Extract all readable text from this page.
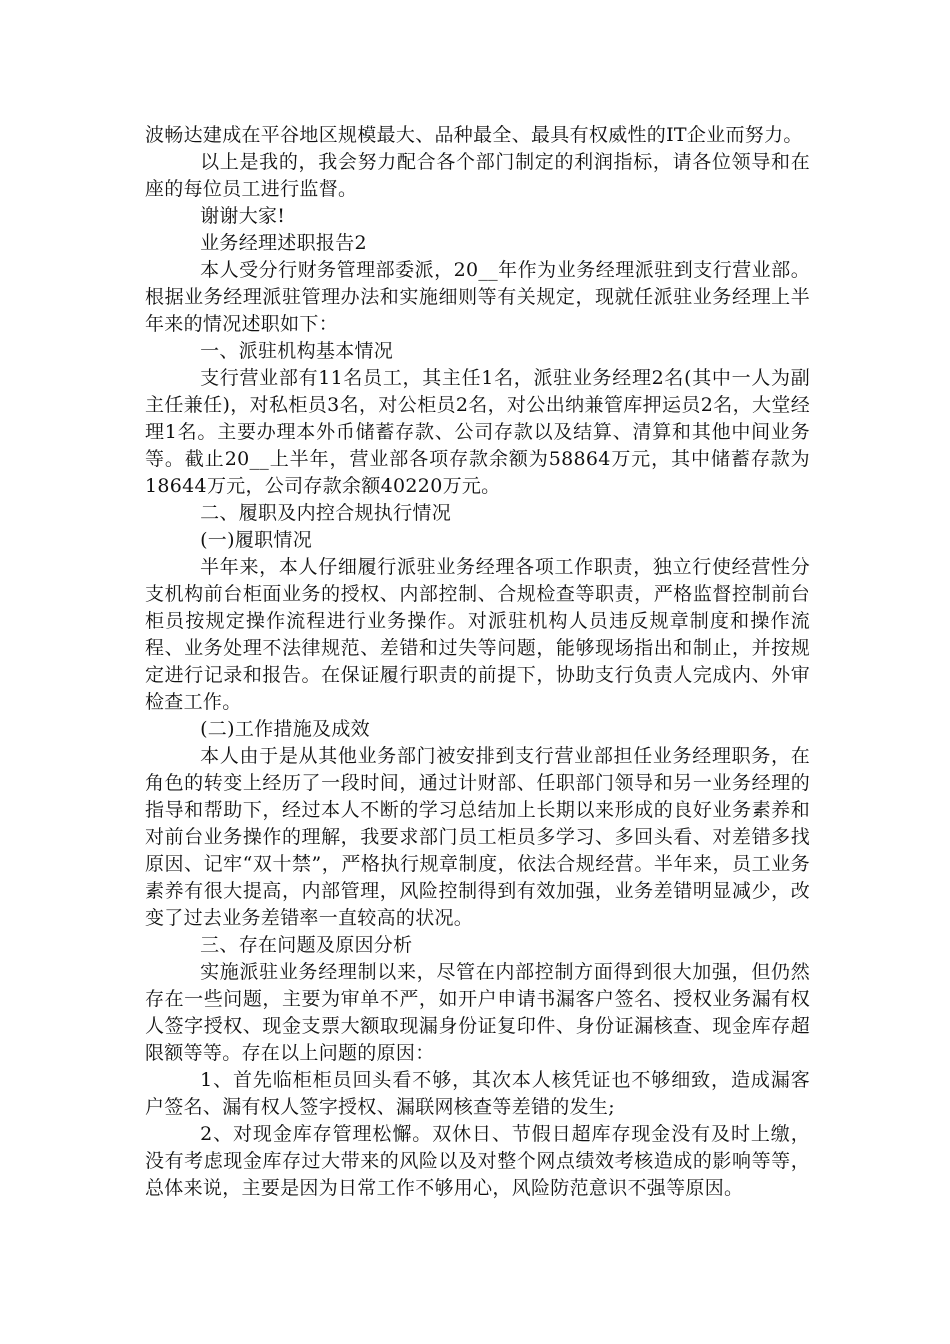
波畅达建成在平谷地区规模最大、品种最全、最具有权威性的IT企业而努力。

以上是我的，我会努力配合各个部门制定的利润指标，请各位领导和在座的每位员工进行监督。

谢谢大家!

业务经理述职报告2

本人受分行财务管理部委派，20__年作为业务经理派驻到支行营业部。根据业务经理派驻管理办法和实施细则等有关规定，现就任派驻业务经理上半年来的情况述职如下：

一、派驻机构基本情况

支行营业部有11名员工，其主任1名，派驻业务经理2名(其中一人为副主任兼任)，对私柜员3名，对公柜员2名，对公出纳兼管库押运员2名，大堂经理1名。主要办理本外币储蓄存款、公司存款以及结算、清算和其他中间业务等。截止20__上半年，营业部各项存款余额为58864万元，其中储蓄存款为18644万元，公司存款余额40220万元。

二、履职及内控合规执行情况

(一)履职情况

半年来，本人仔细履行派驻业务经理各项工作职责，独立行使经营性分支机构前台柜面业务的授权、内部控制、合规检查等职责，严格监督控制前台柜员按规定操作流程进行业务操作。对派驻机构人员违反规章制度和操作流程、业务处理不法律规范、差错和过失等问题，能够现场指出和制止，并按规定进行记录和报告。在保证履行职责的前提下，协助支行负责人完成内、外审检查工作。

(二)工作措施及成效

本人由于是从其他业务部门被安排到支行营业部担任业务经理职务，在角色的转变上经历了一段时间，通过计财部、任职部门领导和另一业务经理的指导和帮助下，经过本人不断的学习总结加上长期以来形成的良好业务素养和对前台业务操作的理解，我要求部门员工柜员多学习、多回头看、对差错多找原因、记牢“双十禁”，严格执行规章制度，依法合规经营。半年来，员工业务素养有很大提高，内部管理，风险控制得到有效加强，业务差错明显减少，改变了过去业务差错率一直较高的状况。

三、存在问题及原因分析

实施派驻业务经理制以来，尽管在内部控制方面得到很大加强，但仍然存在一些问题，主要为审单不严，如开户申请书漏客户签名、授权业务漏有权人签字授权、现金支票大额取现漏身份证复印件、身份证漏核查、现金库存超限额等等。存在以上问题的原因：

1、首先临柜柜员回头看不够，其次本人核凭证也不够细致，造成漏客户签名、漏有权人签字授权、漏联网核查等差错的发生;

2、对现金库存管理松懈。双休日、节假日超库存现金没有及时上缴，没有考虑现金库存过大带来的风险以及对整个网点绩效考核造成的影响等等，总体来说，主要是因为日常工作不够用心，风险防范意识不强等原因。
